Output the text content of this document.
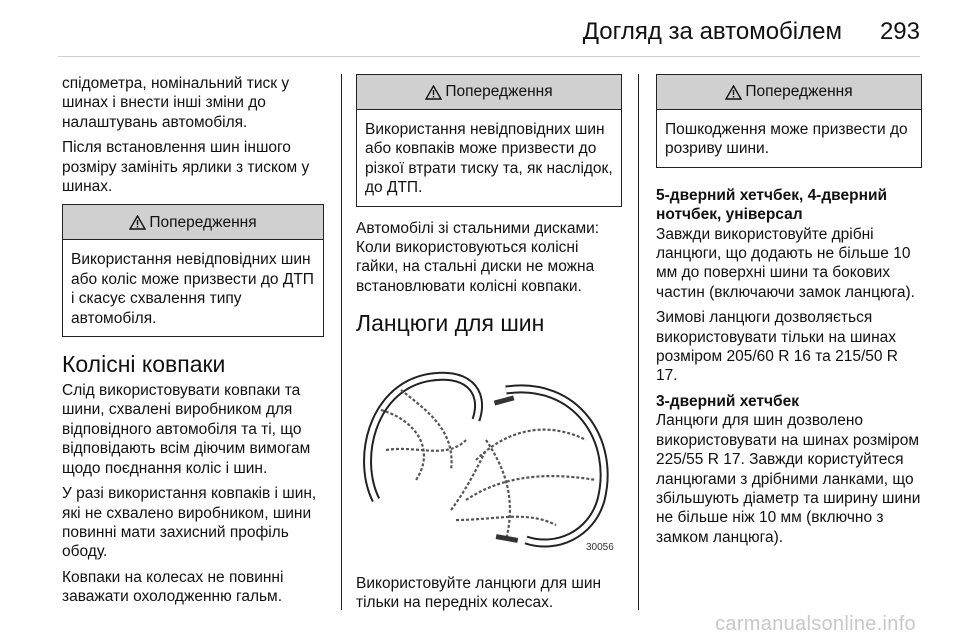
Догляд за автомобілем 293

спідометра, номінальний тиск у шинах і внести інші зміни до налаштувань автомобіля.

Після встановлення шин іншого розміру замініть ярлики з тиском у шинах.

Попередження
Використання невідповідних шин або коліс може призвести до ДТП і скасує схвалення типу автомобіля.
Колісні ковпаки

Слід використовувати ковпаки та шини, схвалені виробником для відповідного автомобіля та ті, що відповідають всім діючим вимогам щодо поєднання коліс і шин.

У разі використання ковпаків і шин, які не схвалено виробником, шини повинні мати захисний профіль ободу.

Ковпаки на колесах не повинні заважати охолодженню гальм.

Попередження
Використання невідповідних шин або ковпаків може призвести до різкої втрати тиску та, як наслідок, до ДТП.

Автомобілі зі стальними дисками: Коли використовуються колісні гайки, на стальні диски не можна встановлювати колісні ковпаки.

Ланцюги для шин
30056

Використовуйте ланцюги для шин тільки на передніх колесах.

Попередження
Пошкодження може призвести до розриву шини.

5-дверний хетчбек, 4-дверний нотчбек, універсал

Завжди використовуйте дрібні ланцюги, що додають не більше 10 мм до поверхні шини та бокових частин (включаючи замок ланцюга).

Зимові ланцюги дозволяється використовувати тільки на шинах розміром 205/60 R 16 та 215/50 R 17.

3-дверний хетчбек

Ланцюги для шин дозволено використовувати на шинах розміром 225/55 R 17. Завжди користуйтеся ланцюгами з дрібними ланками, що збільшують діаметр та ширину шини не більше ніж 10 мм (включно з замком ланцюга).

carmanualsonline.info
